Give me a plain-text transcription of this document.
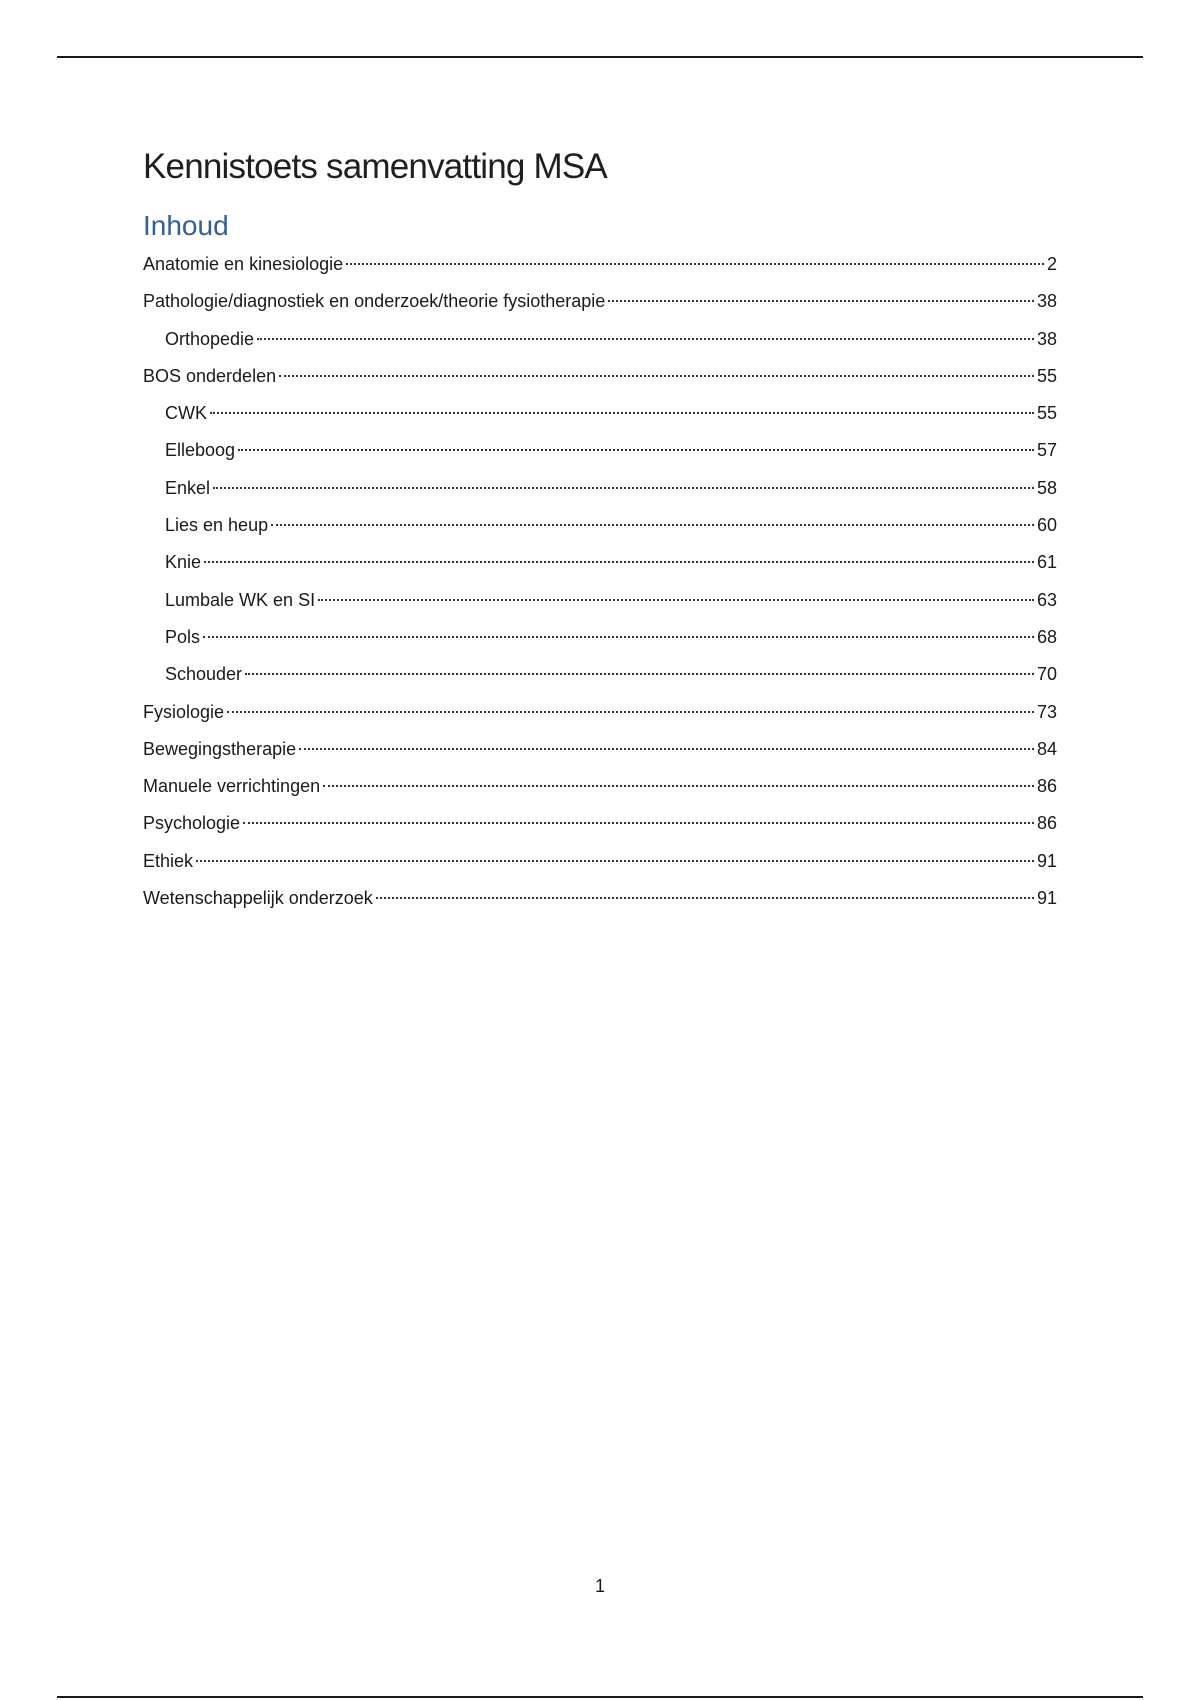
Kennistoets samenvatting MSA
Inhoud
Anatomie en kinesiologie	2
Pathologie/diagnostiek en onderzoek/theorie fysiotherapie	38
Orthopedie	38
BOS onderdelen	55
CWK	55
Elleboog	57
Enkel	58
Lies en heup	60
Knie	61
Lumbale WK en SI	63
Pols	68
Schouder	70
Fysiologie	73
Bewegingstherapie	84
Manuele verrichtingen	86
Psychologie	86
Ethiek	91
Wetenschappelijk onderzoek	91
1
